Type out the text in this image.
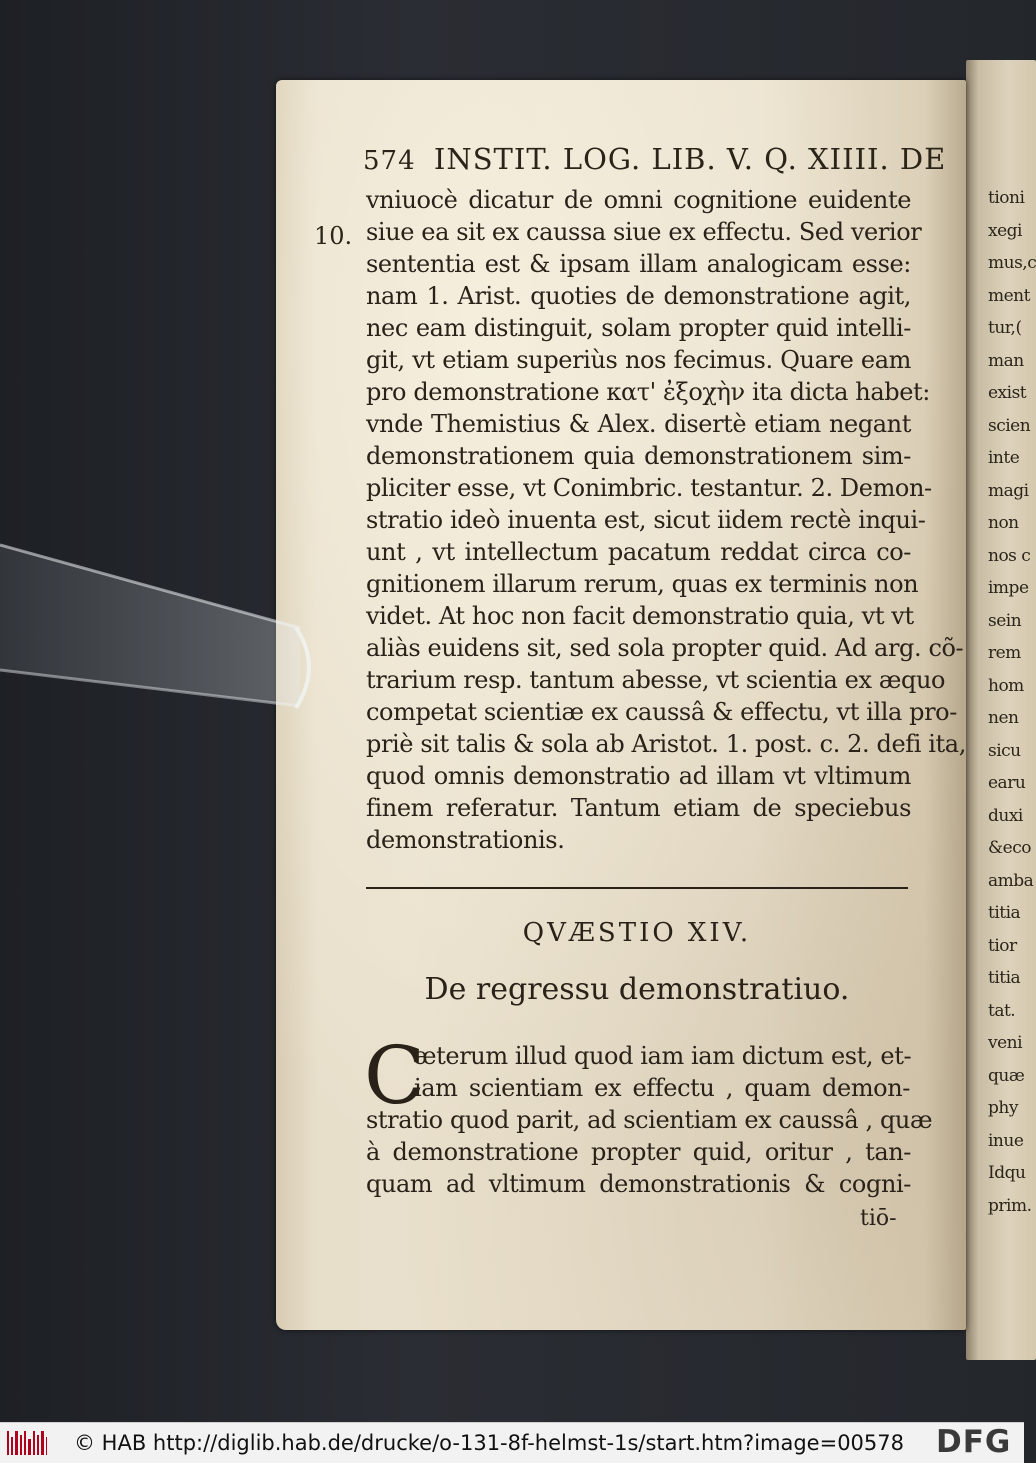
tioni
xegi
mus,c
ment
tur,(
man
exist
scien
inte
magi
non
nos c
impe
sein
rem
hom
nen
sicu
earu
duxi
&eco
amba
titia
tior
titia
tat.
veni
quæ
phy
inue
Idqu
prim.
574 INSTIT. LOG. LIB. V. Q. XIIII. DE
10.
vniuocè dicatur de omni cognitione euidente
siue ea sit ex caussa siue ex effectu. Sed verior
sententia est & ipsam illam analogicam esse:
nam 1. Arist. quoties de demonstratione agit,
nec eam distinguit, solam propter quid intelli-
git, vt etiam superiùs nos fecimus. Quare eam
pro demonstratione κατ' ἐξοχὴν ita dicta habet:
vnde Themistius & Alex. disertè etiam negant
demonstrationem quia demonstrationem sim-
pliciter esse, vt Conimbric. testantur. 2. Demon-
stratio ideò inuenta est, sicut iidem rectè inqui-
unt , vt intellectum pacatum reddat circa co-
gnitionem illarum rerum, quas ex terminis non
videt. At hoc non facit demonstratio quia, vt vt
aliàs euidens sit, sed sola propter quid. Ad arg. cõ-
trarium resp. tantum abesse, vt scientia ex æquo
competat scientiæ ex caussâ & effectu, vt illa pro-
priè sit talis & sola ab Aristot. 1. post. c. 2. defi ita,
quod omnis demonstratio ad illam vt vltimum
finem referatur. Tantum etiam de speciebus
demonstrationis.
QVÆSTIO XIV.
De regressu demonstratiuo.
C
æterum illud quod iam iam dictum est, et-
iam scientiam ex effectu , quam demon-
stratio quod parit, ad scientiam ex caussâ , quæ
à demonstratione propter quid, oritur , tan-
quam ad vltimum demonstrationis & cogni-
tiō-
© HAB http://diglib.hab.de/drucke/o-131-8f-helmst-1s/start.htm?image=00578 DFG
